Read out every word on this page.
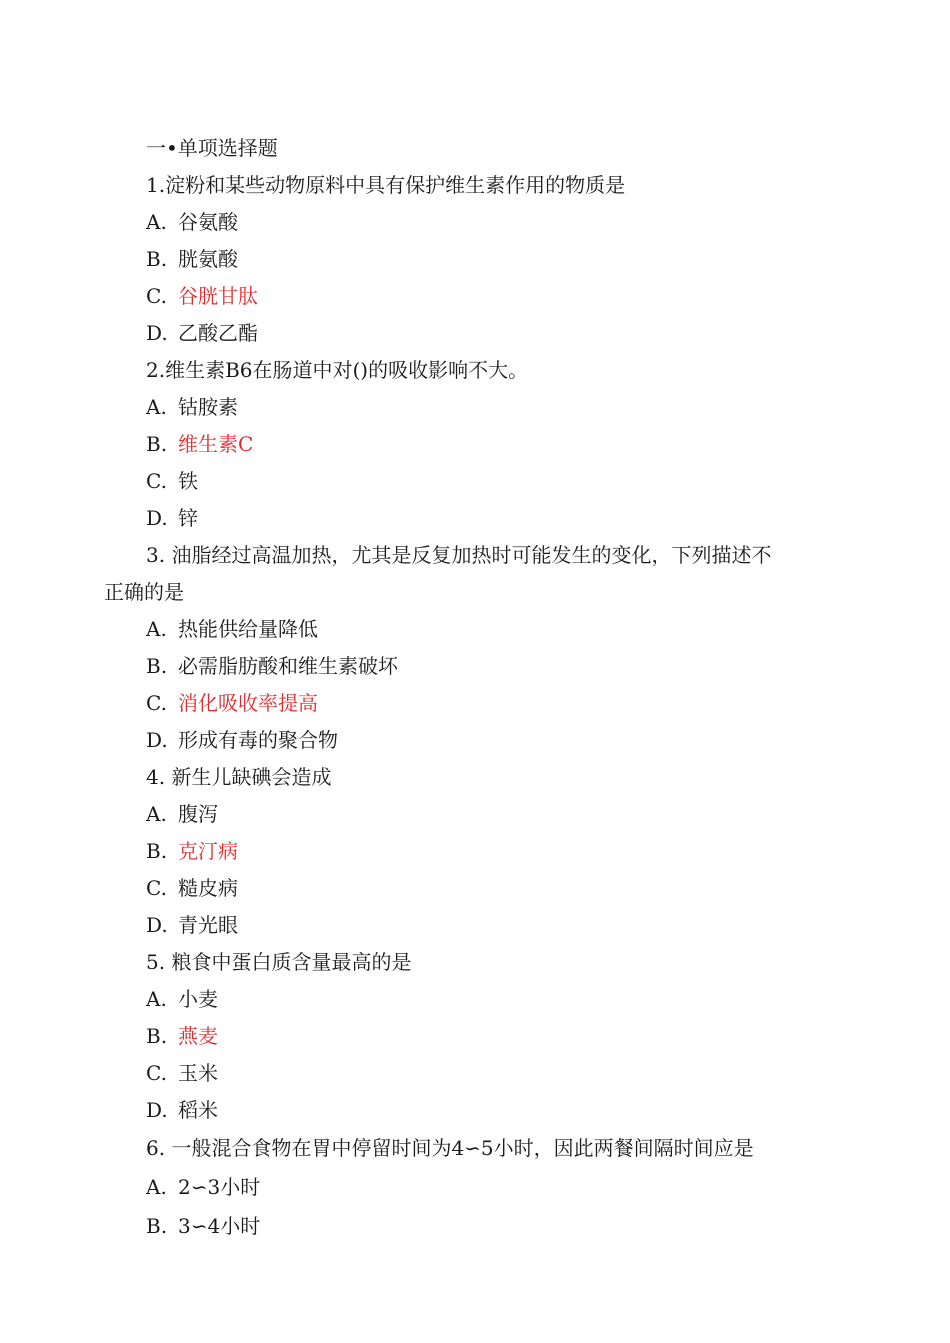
一•单项选择题
1.淀粉和某些动物原料中具有保护维生素作用的物质是
A. 谷氨酸
B. 胱氨酸
C. 谷胱甘肽
D. 乙酸乙酯
2.维生素B6在肠道中对()的吸收影响不大。
A. 钴胺素
B. 维生素C
C. 铁
D. 锌
3. 油脂经过高温加热，尤其是反复加热时可能发生的变化，下列描述不
正确的是
A. 热能供给量降低
B. 必需脂肪酸和维生素破坏
C. 消化吸收率提高
D. 形成有毒的聚合物
4. 新生儿缺碘会造成
A. 腹泻
B. 克汀病
C. 糙皮病
D. 青光眼
5. 粮食中蛋白质含量最高的是
A. 小麦
B. 燕麦
C. 玉米
D. 稻米
6. 一般混合食物在胃中停留时间为4∽5小时，因此两餐间隔时间应是
A. 2∽3小时
B. 3∽4小时
